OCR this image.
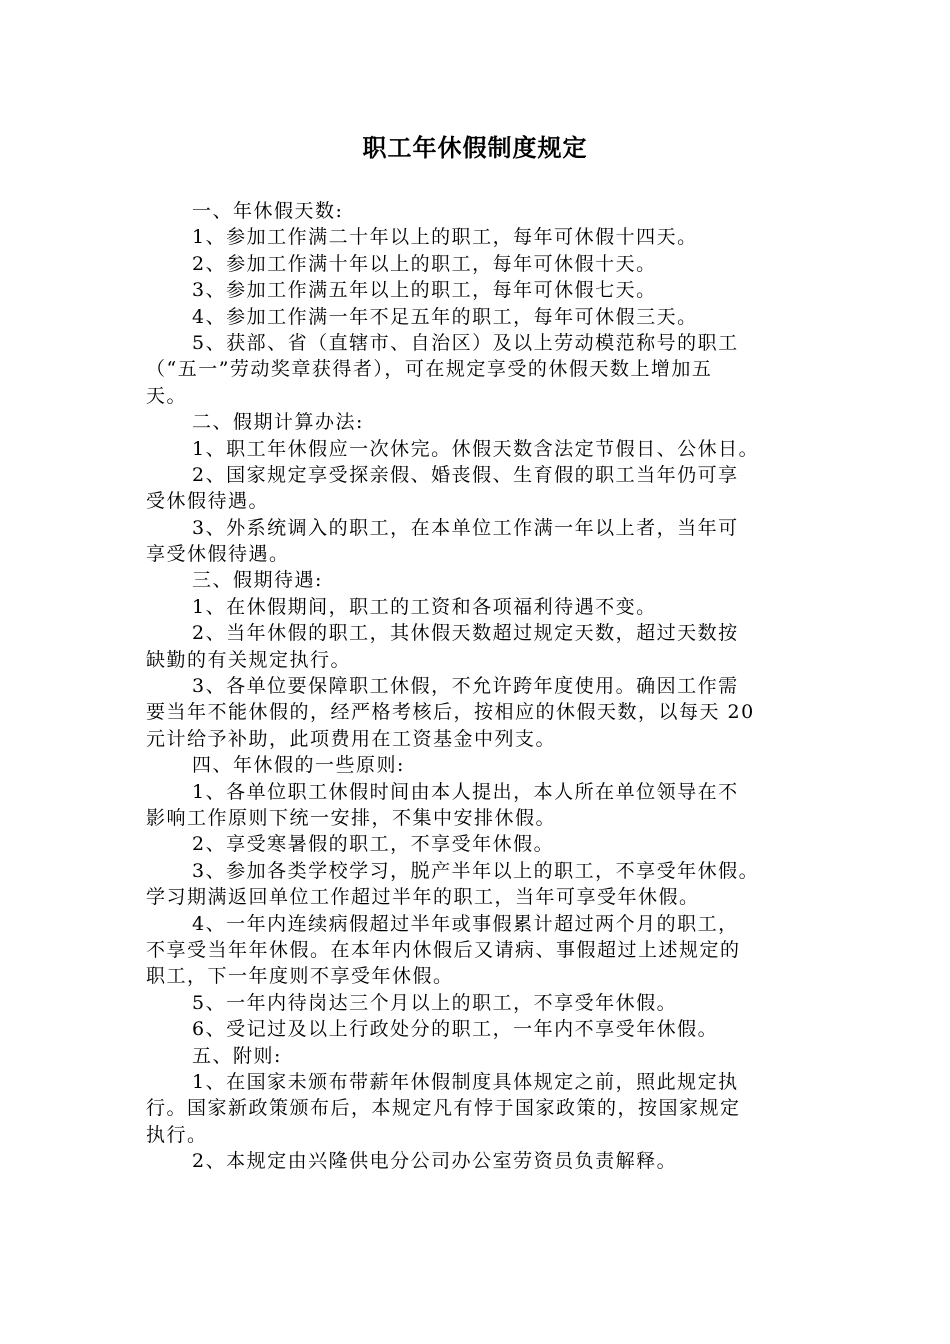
职工年休假制度规定
一、年休假天数:
1、参加工作满二十年以上的职工，每年可休假十四天。
2、参加工作满十年以上的职工，每年可休假十天。
3、参加工作满五年以上的职工，每年可休假七天。
4、参加工作满一年不足五年的职工，每年可休假三天。
5、获部、省（直辖市、自治区）及以上劳动模范称号的职工
（“五一”劳动奖章获得者），可在规定享受的休假天数上增加五
天。
二、假期计算办法:
1、职工年休假应一次休完。休假天数含法定节假日、公休日。
2、国家规定享受探亲假、婚丧假、生育假的职工当年仍可享
受休假待遇。
3、外系统调入的职工，在本单位工作满一年以上者，当年可
享受休假待遇。
三、假期待遇:
1、在休假期间，职工的工资和各项福利待遇不变。
2、当年休假的职工，其休假天数超过规定天数，超过天数按
缺勤的有关规定执行。
3、各单位要保障职工休假，不允许跨年度使用。确因工作需
要当年不能休假的，经严格考核后，按相应的休假天数，以每天 20
元计给予补助，此项费用在工资基金中列支。
四、年休假的一些原则:
1、各单位职工休假时间由本人提出，本人所在单位领导在不
影响工作原则下统一安排，不集中安排休假。
2、享受寒暑假的职工，不享受年休假。
3、参加各类学校学习，脱产半年以上的职工，不享受年休假。
学习期满返回单位工作超过半年的职工，当年可享受年休假。
4、一年内连续病假超过半年或事假累计超过两个月的职工，
不享受当年年休假。在本年内休假后又请病、事假超过上述规定的
职工，下一年度则不享受年休假。
5、一年内待岗达三个月以上的职工，不享受年休假。
6、受记过及以上行政处分的职工，一年内不享受年休假。
五、附则:
1、在国家未颁布带薪年休假制度具体规定之前，照此规定执
行。国家新政策颁布后，本规定凡有悖于国家政策的，按国家规定
执行。
2、本规定由兴隆供电分公司办公室劳资员负责解释。
